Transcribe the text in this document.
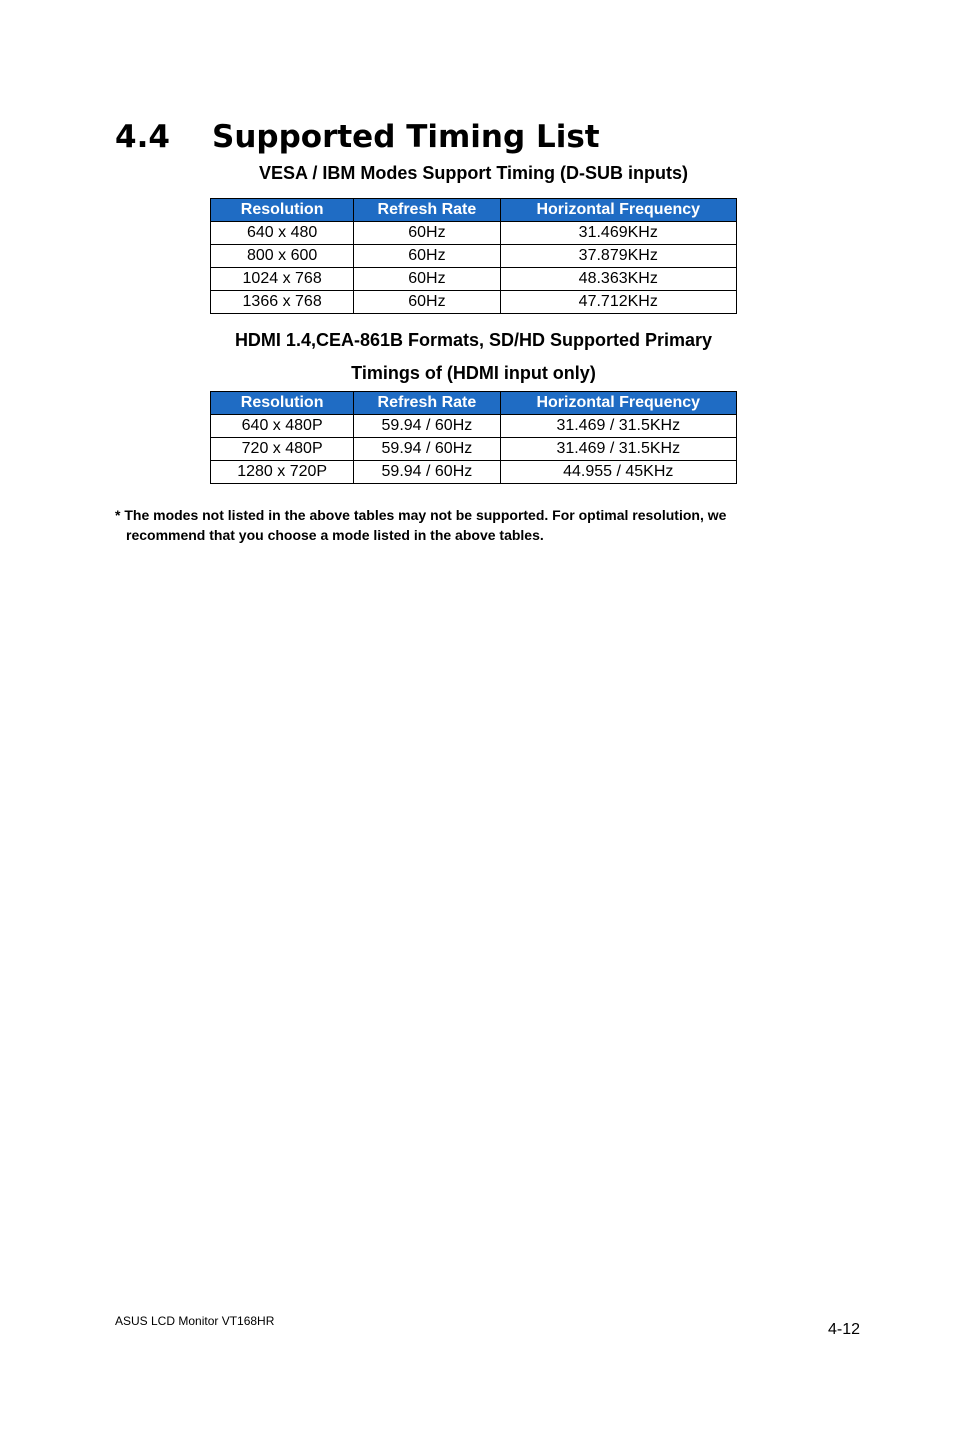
4.4 Supported Timing List
VESA / IBM Modes Support Timing (D-SUB inputs)
Resolution	Refresh Rate	Horizontal Frequency
640 x 480	60Hz	31.469KHz
800 x 600	60Hz	37.879KHz
1024 x 768	60Hz	48.363KHz
1366 x 768	60Hz	47.712KHz
HDMI 1.4,CEA-861B Formats, SD/HD Supported Primary
Timings of (HDMI input only)
Resolution	Refresh Rate	Horizontal Frequency
640 x 480P	59.94 / 60Hz	31.469 / 31.5KHz
720 x 480P	59.94 / 60Hz	31.469 / 31.5KHz
1280 x 720P	59.94 / 60Hz	44.955 / 45KHz

* The modes not listed in the above tables may not be supported. For optimal resolution, we
recommend that you choose a mode listed in the above tables.

ASUS LCD Monitor VT168HR	4-12
